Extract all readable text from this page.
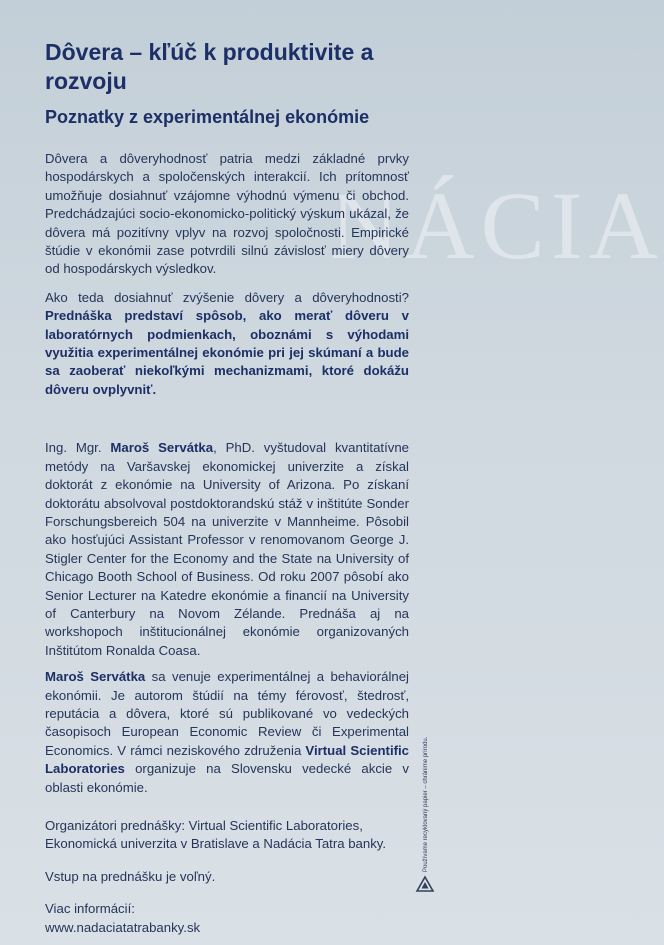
NÁCIA
Dôvera – kľúč k produktivite a rozvoju
Poznatky z experimentálnej ekonómie

Dôvera a dôveryhodnosť patria medzi základné prvky hospodárskych a spoločenských interakcií. Ich prítomnosť umožňuje dosiahnuť vzájomne výhodnú výmenu či obchod. Predchádzajúci socio-ekonomicko-politický výskum ukázal, že dôvera má pozitívny vplyv na rozvoj spoločnosti. Empirické štúdie v ekonómii zase potvrdili silnú závislosť miery dôvery od hospodárskych výsledkov.

Ako teda dosiahnuť zvýšenie dôvery a dôveryhodnosti? Prednáška predstaví spôsob, ako merať dôveru v laboratórnych podmienkach, oboznámi s výhodami využitia experimentálnej ekonómie pri jej skúmaní a bude sa zaoberať niekoľkými mechanizmami, ktoré dokážu dôveru ovplyvniť.

Ing. Mgr. Maroš Servátka, PhD. vyštudoval kvantitatívne metódy na Varšavskej ekonomickej univerzite a získal doktorát z ekonómie na University of Arizona. Po získaní doktorátu absolvoval postdoktorandskú stáž v inštitúte Sonder Forschungsbereich 504 na univerzite v Mannheime. Pôsobil ako hosťujúci Assistant Professor v renomovanom George J. Stigler Center for the Economy and the State na University of Chicago Booth School of Business. Od roku 2007 pôsobí ako Senior Lecturer na Katedre ekonómie a financií na University of Canterbury na Novom Zélande. Prednáša aj na workshopoch inštitucionálnej ekonómie organizovaných Inštitútom Ronalda Coasa.

Maroš Servátka sa venuje experimentálnej a behaviorálnej ekonómii. Je autorom štúdií na témy férovosť, štedrosť, reputácia a dôvera, ktoré sú publikované vo vedeckých časopisoch European Economic Review či Experimental Economics. V rámci neziskového združenia Virtual Scientific Laboratories organizuje na Slovensku vedecké akcie v oblasti ekonómie.

Organizátori prednášky: Virtual Scientific Laboratories, Ekonomická univerzita v Bratislave a Nadácia Tatra banky.

Vstup na prednášku je voľný.

Viac informácií:
www.nadaciatatrabanky.sk

Používame recyklovaný papier – chránime prírodu.
